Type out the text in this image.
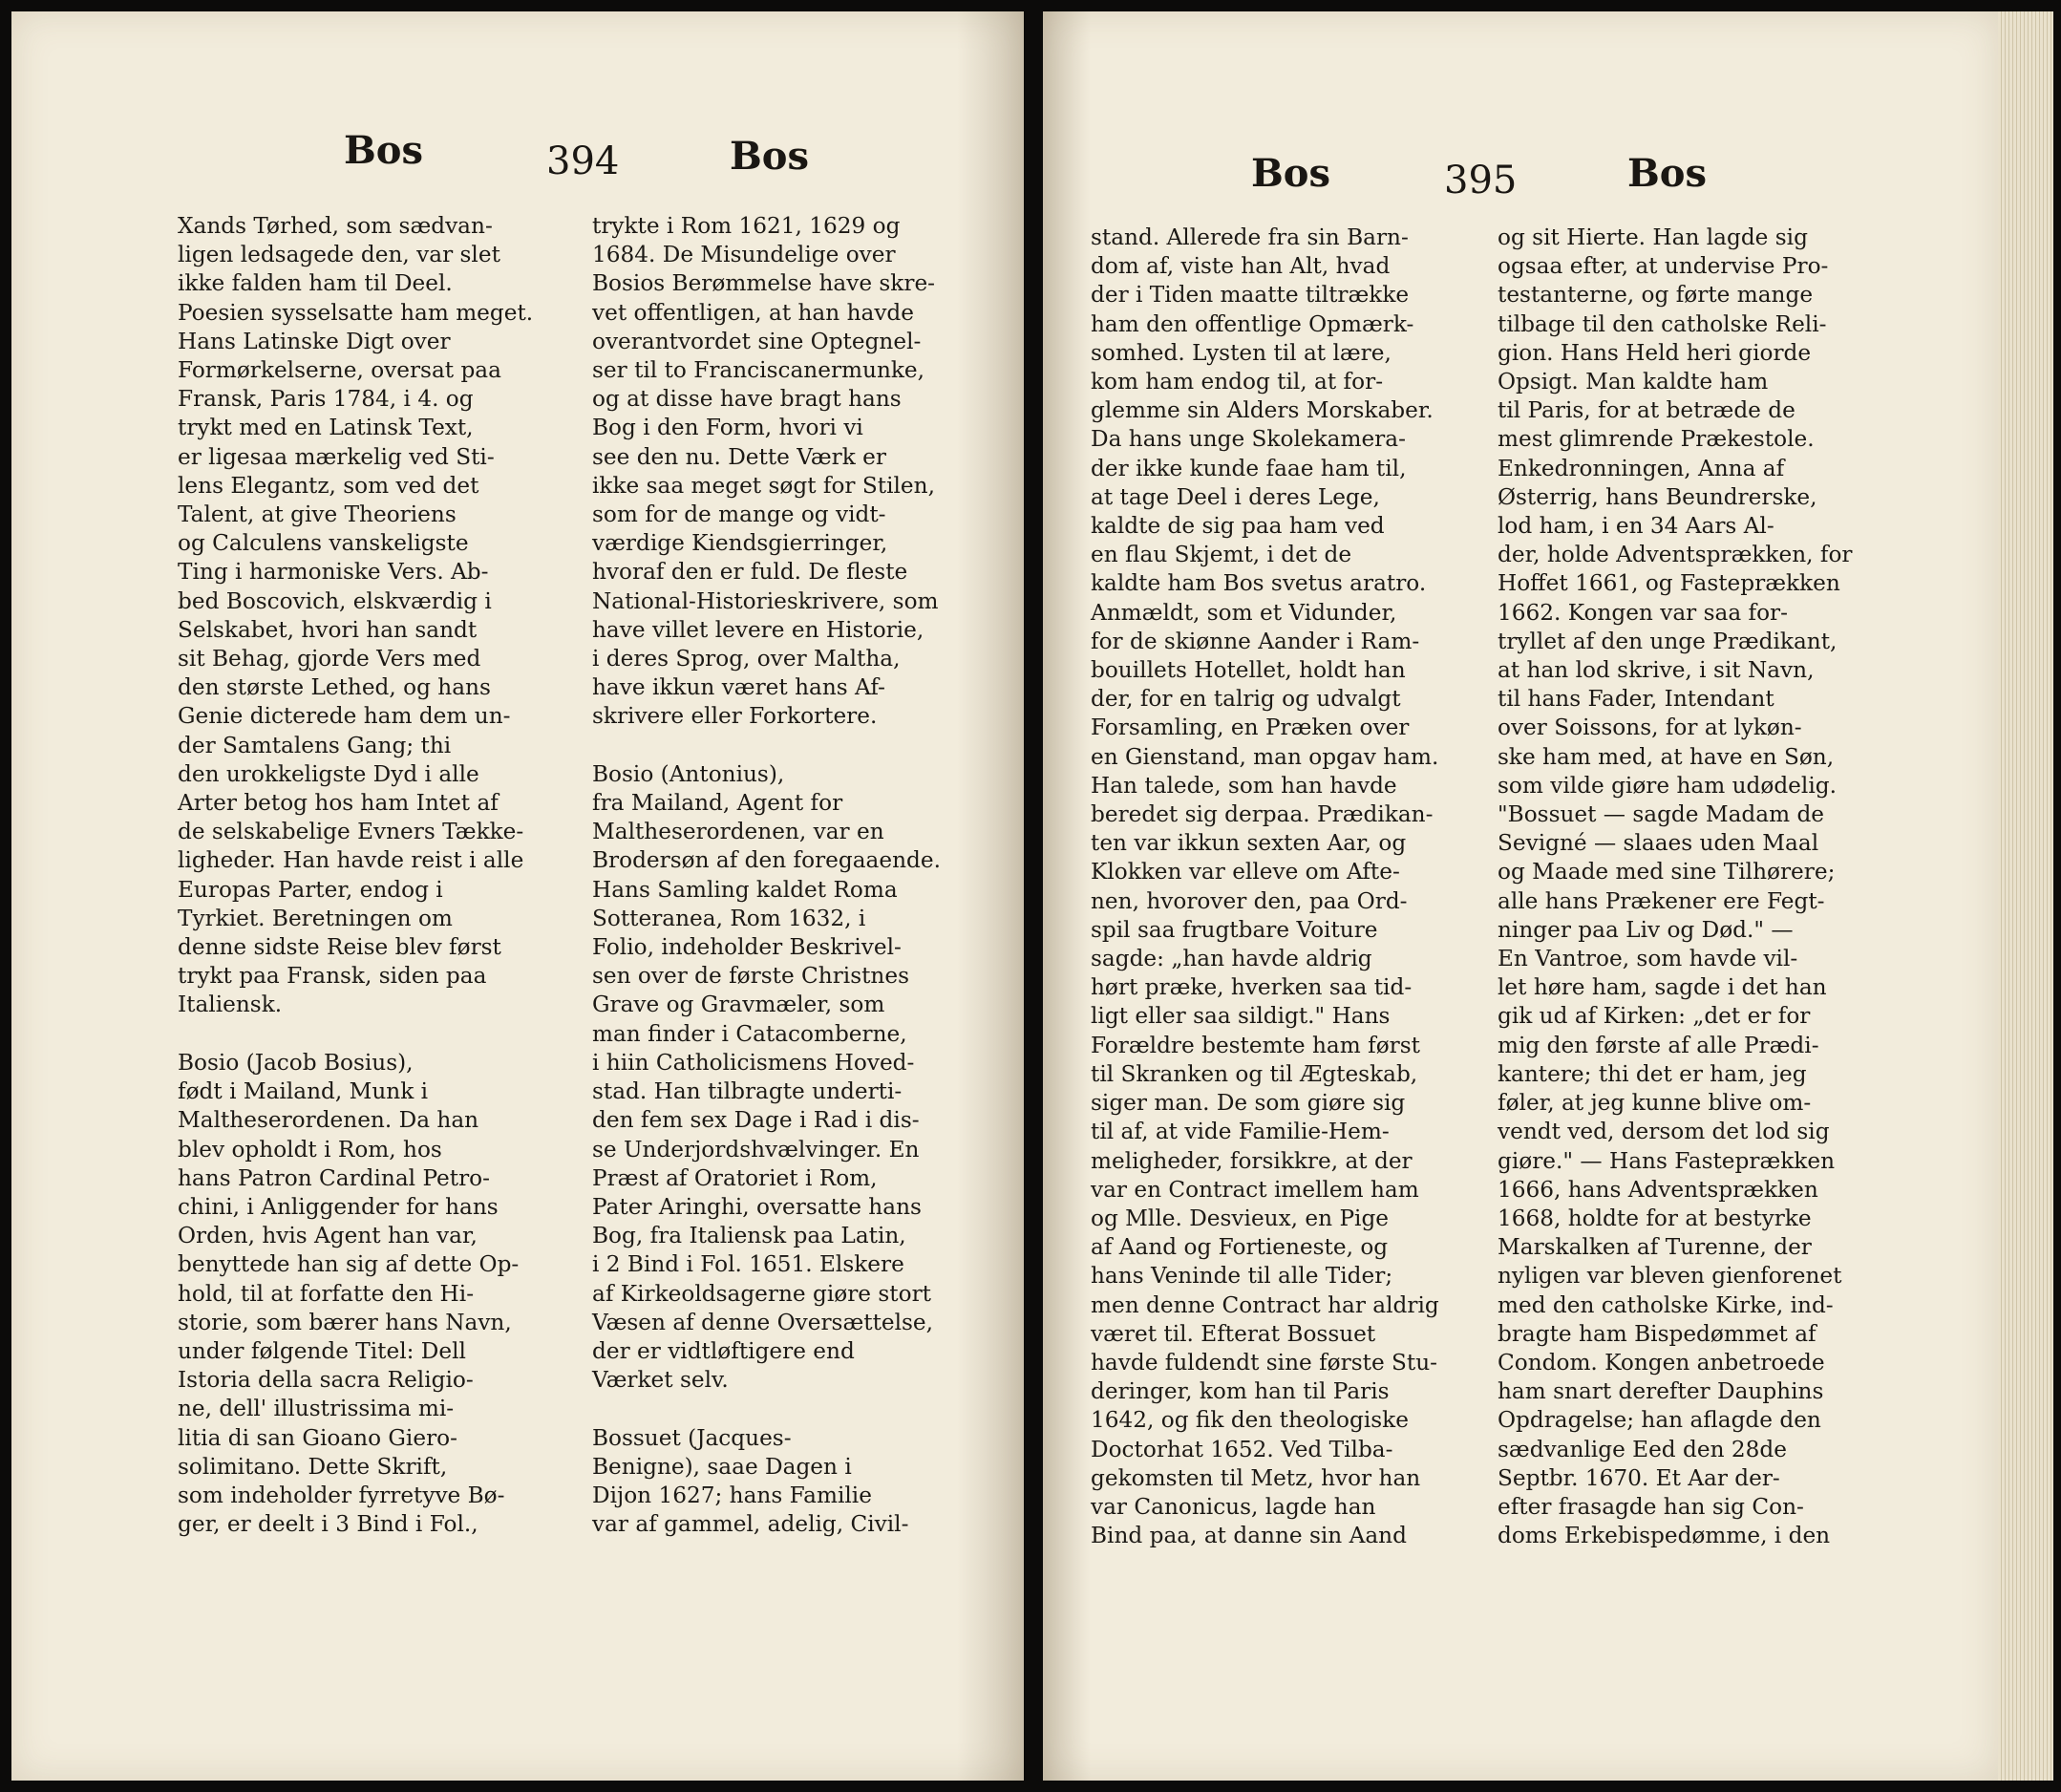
Bos	394	Bos
Xands Tørhed, som sædvan-
ligen ledsagede den, var slet
ikke falden ham til Deel.
Poesien sysselsatte ham meget.
Hans Latinske Digt over
Formørkelserne, oversat paa
Fransk, Paris 1784, i 4. og
trykt med en Latinsk Text,
er ligesaa mærkelig ved Sti-
lens Elegantz, som ved det
Talent, at give Theoriens
og Calculens vanskeligste
Ting i harmoniske Vers. Ab-
bed Boscovich, elskværdig i
Selskabet, hvori han sandt
sit Behag, gjorde Vers med
den største Lethed, og hans
Genie dicterede ham dem un-
der Samtalens Gang; thi
den urokkeligste Dyd i alle
Arter betog hos ham Intet af
de selskabelige Evners Tække-
ligheder. Han havde reist i alle
Europas Parter, endog i
Tyrkiet. Beretningen om
denne sidste Reise blev først
trykt paa Fransk, siden paa
Italiensk.

Bosio (Jacob Bosius),
født i Mailand, Munk i
Maltheserordenen. Da han
blev opholdt i Rom, hos
hans Patron Cardinal Petro-
chini, i Anliggender for hans
Orden, hvis Agent han var,
benyttede han sig af dette Op-
hold, til at forfatte den Hi-
storie, som bærer hans Navn,
under følgende Titel: Dell
Istoria della sacra Religio-
ne, dell' illustrissima mi-
litia di san Gioano Giero-
solimitano. Dette Skrift,
som indeholder fyrretyve Bø-
ger, er deelt i 3 Bind i Fol.,
trykte i Rom 1621, 1629 og
1684. De Misundelige over
Bosios Berømmelse have skre-
vet offentligen, at han havde
overantvordet sine Optegnel-
ser til to Franciscanermunke,
og at disse have bragt hans
Bog i den Form, hvori vi
see den nu. Dette Værk er
ikke saa meget søgt for Stilen,
som for de mange og vidt-
værdige Kiendsgierringer,
hvoraf den er fuld. De fleste
National-Historieskrivere, som
have villet levere en Historie,
i deres Sprog, over Maltha,
have ikkun været hans Af-
skrivere eller Forkortere.

Bosio (Antonius),
fra Mailand, Agent for
Maltheserordenen, var en
Brodersøn af den foregaaende.
Hans Samling kaldet Roma
Sotteranea, Rom 1632, i
Folio, indeholder Beskrivel-
sen over de første Christnes
Grave og Gravmæler, som
man finder i Catacomberne,
i hiin Catholicismens Hoved-
stad. Han tilbragte underti-
den fem sex Dage i Rad i dis-
se Underjordshvælvinger. En
Præst af Oratoriet i Rom,
Pater Aringhi, oversatte hans
Bog, fra Italiensk paa Latin,
i 2 Bind i Fol. 1651. Elskere
af Kirkeoldsagerne giøre stort
Væsen af denne Oversættelse,
der er vidtløftigere end
Værket selv.

Bossuet (Jacques-
Benigne), saae Dagen i
Dijon 1627; hans Familie
var af gammel, adelig, Civil-
Bos	395	Bos
stand. Allerede fra sin Barn-
dom af, viste han Alt, hvad
der i Tiden maatte tiltrække
ham den offentlige Opmærk-
somhed. Lysten til at lære,
kom ham endog til, at for-
glemme sin Alders Morskaber.
Da hans unge Skolekamera-
der ikke kunde faae ham til,
at tage Deel i deres Lege,
kaldte de sig paa ham ved
en flau Skjemt, i det de
kaldte ham Bos svetus aratro.
Anmældt, som et Vidunder,
for de skiønne Aander i Ram-
bouillets Hotellet, holdt han
der, for en talrig og udvalgt
Forsamling, en Præken over
en Gienstand, man opgav ham.
Han talede, som han havde
beredet sig derpaa. Prædikan-
ten var ikkun sexten Aar, og
Klokken var elleve om Afte-
nen, hvorover den, paa Ord-
spil saa frugtbare Voiture
sagde: „han havde aldrig
hørt præke, hverken saa tid-
ligt eller saa sildigt." Hans
Forældre bestemte ham først
til Skranken og til Ægteskab,
siger man. De som giøre sig
til af, at vide Familie-Hem-
meligheder, forsikkre, at der
var en Contract imellem ham
og Mlle. Desvieux, en Pige
af Aand og Fortieneste, og
hans Veninde til alle Tider;
men denne Contract har aldrig
været til. Efterat Bossuet
havde fuldendt sine første Stu-
deringer, kom han til Paris
1642, og fik den theologiske
Doctorhat 1652. Ved Tilba-
gekomsten til Metz, hvor han
var Canonicus, lagde han
Bind paa, at danne sin Aand
og sit Hierte. Han lagde sig
ogsaa efter, at undervise Pro-
testanterne, og førte mange
tilbage til den catholske Reli-
gion. Hans Held heri giorde
Opsigt. Man kaldte ham
til Paris, for at betræde de
mest glimrende Prækestole.
Enkedronningen, Anna af
Østerrig, hans Beundrerske,
lod ham, i en 34 Aars Al-
der, holde Adventsprækken, for
Hoffet 1661, og Fasteprækken
1662. Kongen var saa for-
tryllet af den unge Prædikant,
at han lod skrive, i sit Navn,
til hans Fader, Intendant
over Soissons, for at lykøn-
ske ham med, at have en Søn,
som vilde giøre ham udødelig.
"Bossuet — sagde Madam de
Sevigné — slaaes uden Maal
og Maade med sine Tilhørere;
alle hans Prækener ere Fegt-
ninger paa Liv og Død." —
En Vantroe, som havde vil-
let høre ham, sagde i det han
gik ud af Kirken: „det er for
mig den første af alle Prædi-
kantere; thi det er ham, jeg
føler, at jeg kunne blive om-
vendt ved, dersom det lod sig
giøre." — Hans Fasteprækken
1666, hans Adventsprækken
1668, holdte for at bestyrke
Marskalken af Turenne, der
nyligen var bleven gienforenet
med den catholske Kirke, ind-
bragte ham Bispedømmet af
Condom. Kongen anbetroede
ham snart derefter Dauphins
Opdragelse; han aflagde den
sædvanlige Eed den 28de
Septbr. 1670. Et Aar der-
efter frasagde han sig Con-
doms Erkebispedømme, i den
